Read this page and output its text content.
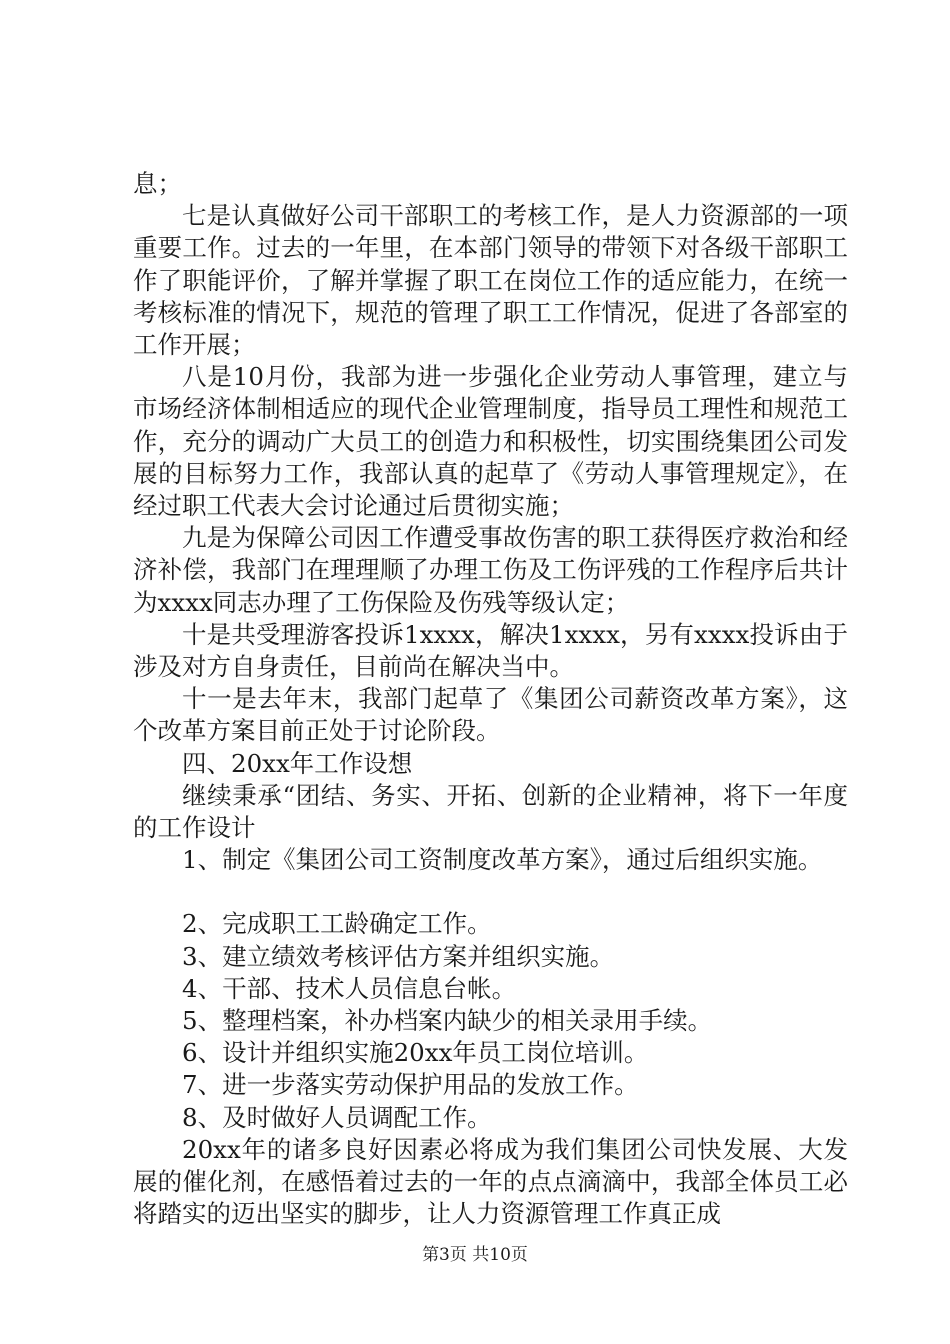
息；

七是认真做好公司干部职工的考核工作，是人力资源部的一项重要工作。过去的一年里，在本部门领导的带领下对各级干部职工作了职能评价，了解并掌握了职工在岗位工作的适应能力，在统一考核标准的情况下，规范的管理了职工工作情况，促进了各部室的工作开展；

八是10月份，我部为进一步强化企业劳动人事管理，建立与市场经济体制相适应的现代企业管理制度，指导员工理性和规范工作，充分的调动广大员工的创造力和积极性，切实围绕集团公司发展的目标努力工作，我部认真的起草了《劳动人事管理规定》，在经过职工代表大会讨论通过后贯彻实施；

九是为保障公司因工作遭受事故伤害的职工获得医疗救治和经济补偿，我部门在理理顺了办理工伤及工伤评残的工作程序后共计为xxxx同志办理了工伤保险及伤残等级认定；

十是共受理游客投诉1xxxx，解决1xxxx，另有xxxx投诉由于涉及对方自身责任，目前尚在解决当中。

十一是去年末，我部门起草了《集团公司薪资改革方案》，这个改革方案目前正处于讨论阶段。

四、20xx年工作设想

继续秉承“团结、务实、开拓、创新的企业精神，将下一年度的工作设计

1、制定《集团公司工资制度改革方案》，通过后组织实施。

2、完成职工工龄确定工作。

3、建立绩效考核评估方案并组织实施。

4、干部、技术人员信息台帐。

5、整理档案，补办档案内缺少的相关录用手续。

6、设计并组织实施20xx年员工岗位培训。

7、进一步落实劳动保护用品的发放工作。

8、及时做好人员调配工作。

20xx年的诸多良好因素必将成为我们集团公司快发展、大发展的催化剂，在感悟着过去的一年的点点滴滴中，我部全体员工必将踏实的迈出坚实的脚步，让人力资源管理工作真正成

第3页 共10页
